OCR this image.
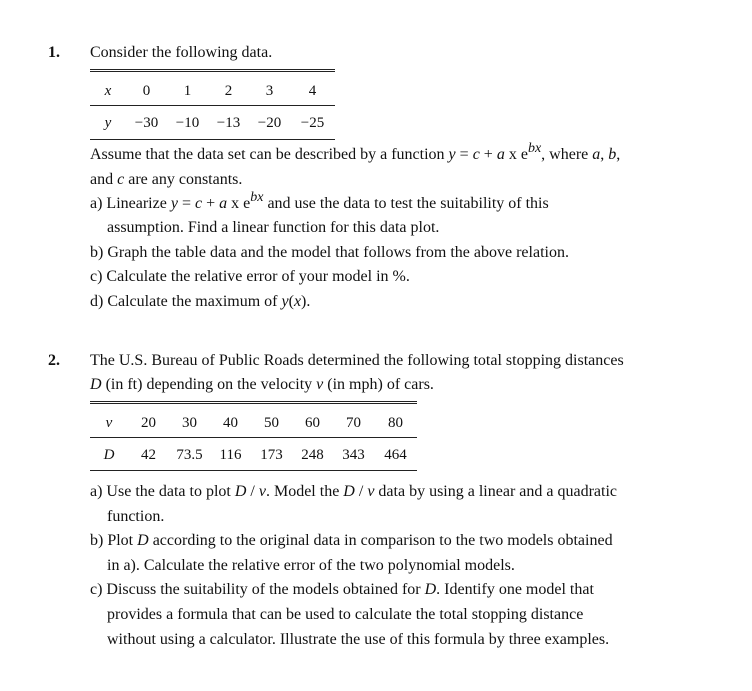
1. Consider the following data.
x	0	1	2	3	4
y	−30	−10	−13	−20	−25
Assume that the data set can be described by a function y = c + a x ebx, where a, b,
and c are any constants.
a) Linearize y = c + a x ebx and use the data to test the suitability of this
assumption. Find a linear function for this data plot.
b) Graph the table data and the model that follows from the above relation.
c) Calculate the relative error of your model in %.
d) Calculate the maximum of y(x).
2. The U.S. Bureau of Public Roads determined the following total stopping distances
D (in ft) depending on the velocity v (in mph) of cars.
v	20	30	40	50	60	70	80
D	42	73.5	116	173	248	343	464
a) Use the data to plot D / v. Model the D / v data by using a linear and a quadratic
function.
b) Plot D according to the original data in comparison to the two models obtained
in a). Calculate the relative error of the two polynomial models.
c) Discuss the suitability of the models obtained for D. Identify one model that
provides a formula that can be used to calculate the total stopping distance
without using a calculator. Illustrate the use of this formula by three examples.
